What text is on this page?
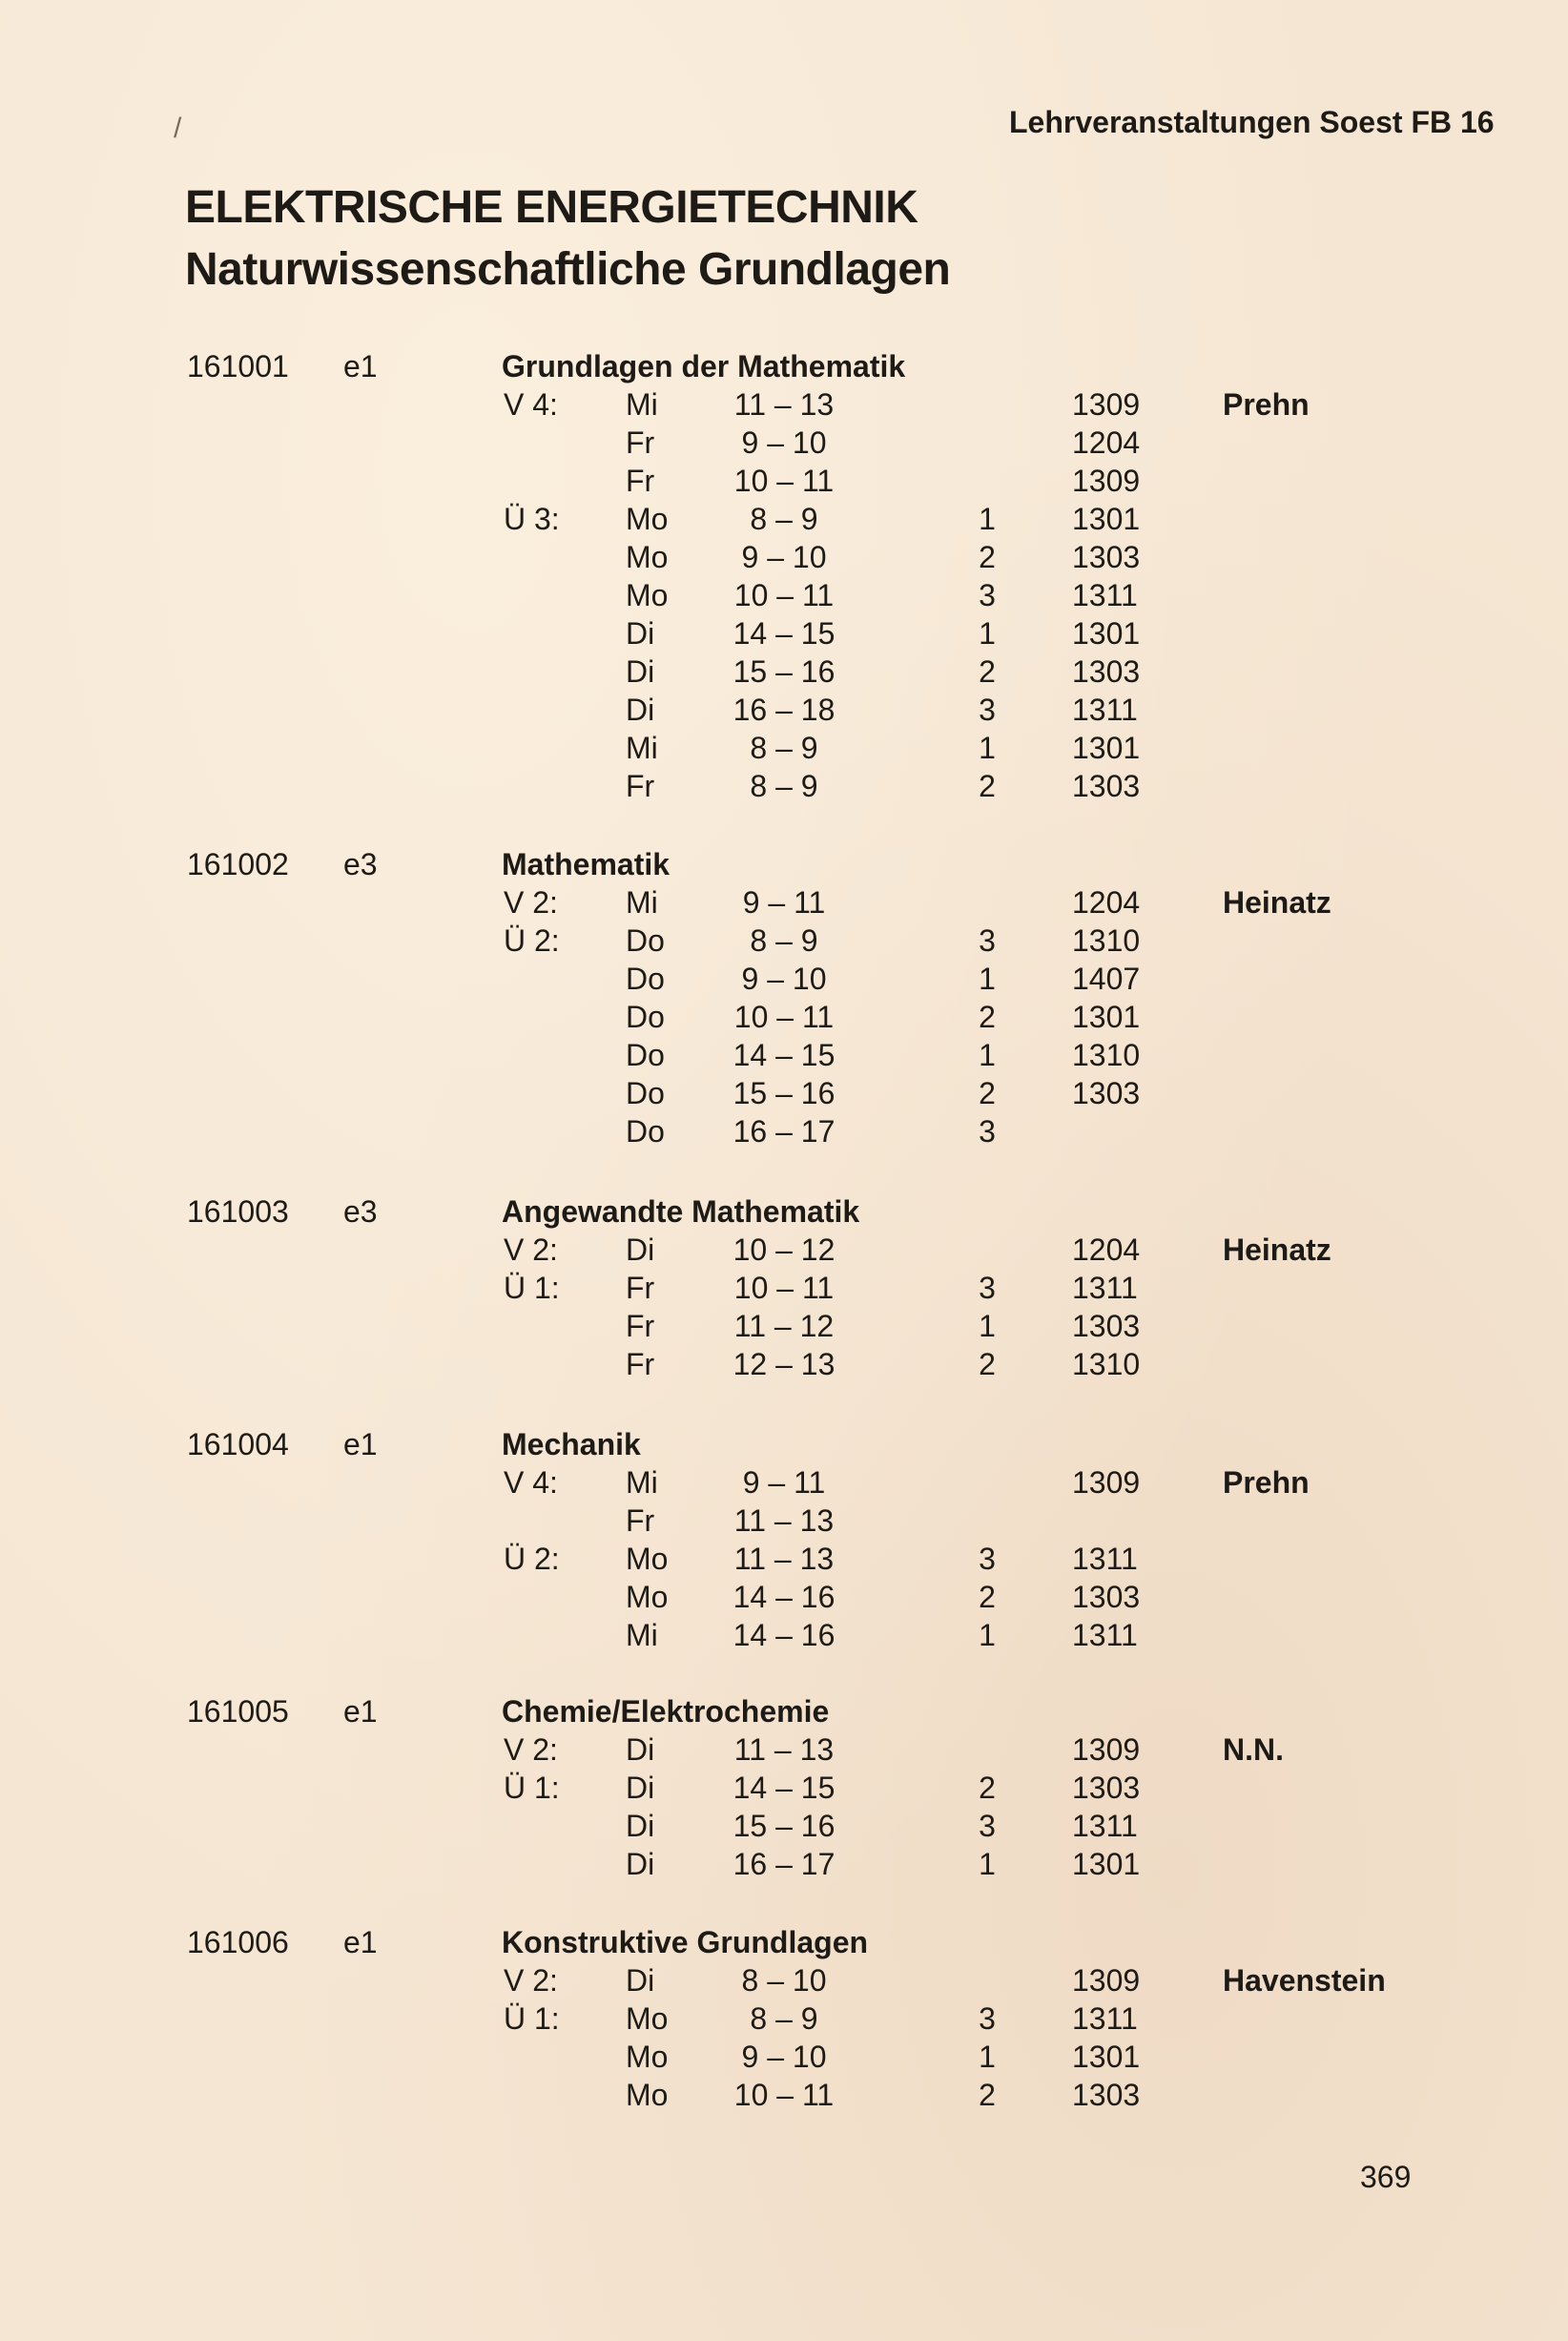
/	Lehrveranstaltungen Soest FB 16
ELEKTRISCHE ENERGIETECHNIK
Naturwissenschaftliche Grundlagen
161001 e1	Grundlagen der Mathematik
V 4: Mi	11 – 13	1309	Prehn
Fr	9 – 10	1204
Fr	10 – 11	1309
Ü 3: Mo	8 – 9	1	1301
Mo	9 – 10	2	1303
Mo 10 – 11	3	1311
Di	14 – 15	1	1301
Di	15 – 16	2	1303
Di	16 – 18	3	1311
Mi	8 – 9	1	1301
Fr	8 – 9	2	1303
161002 e3	Mathematik
V 2: Mi	9 – 11	1204	Heinatz
Ü 2: Do	8 – 9	3	1310
Do	9 – 10	1	1407
Do 10 – 11	2	1301
Do 14 – 15	1	1310
Do 15 – 16	2	1303
Do 16 – 17	3
161003 e3	Angewandte Mathematik
V 2: Di	10 – 12	1204	Heinatz
Ü 1: Fr	10 – 11	3	1311
Fr	11 – 12	1	1303
Fr	12 – 13	2	1310
161004 e1	Mechanik
V 4: Mi	9 – 11	1309	Prehn
Fr	11 – 13
Ü 2: Mo 11 – 13	3	1311
Mo 14 – 16	2	1303
Mi 14 – 16	1	1311
161005 e1	Chemie/Elektrochemie
V 2: Di	11 – 13	1309	N.N.
Ü 1: Di	14 – 15	2	1303
Di	15 – 16	3	1311
Di	16 – 17	1	1301
161006 e1	Konstruktive Grundlagen
V 2: Di	8 – 10	1309	Havenstein
Ü 1: Mo	8 – 9	3	1311
Mo	9 – 10	1	1301
Mo 10 – 11	2	1303
369
